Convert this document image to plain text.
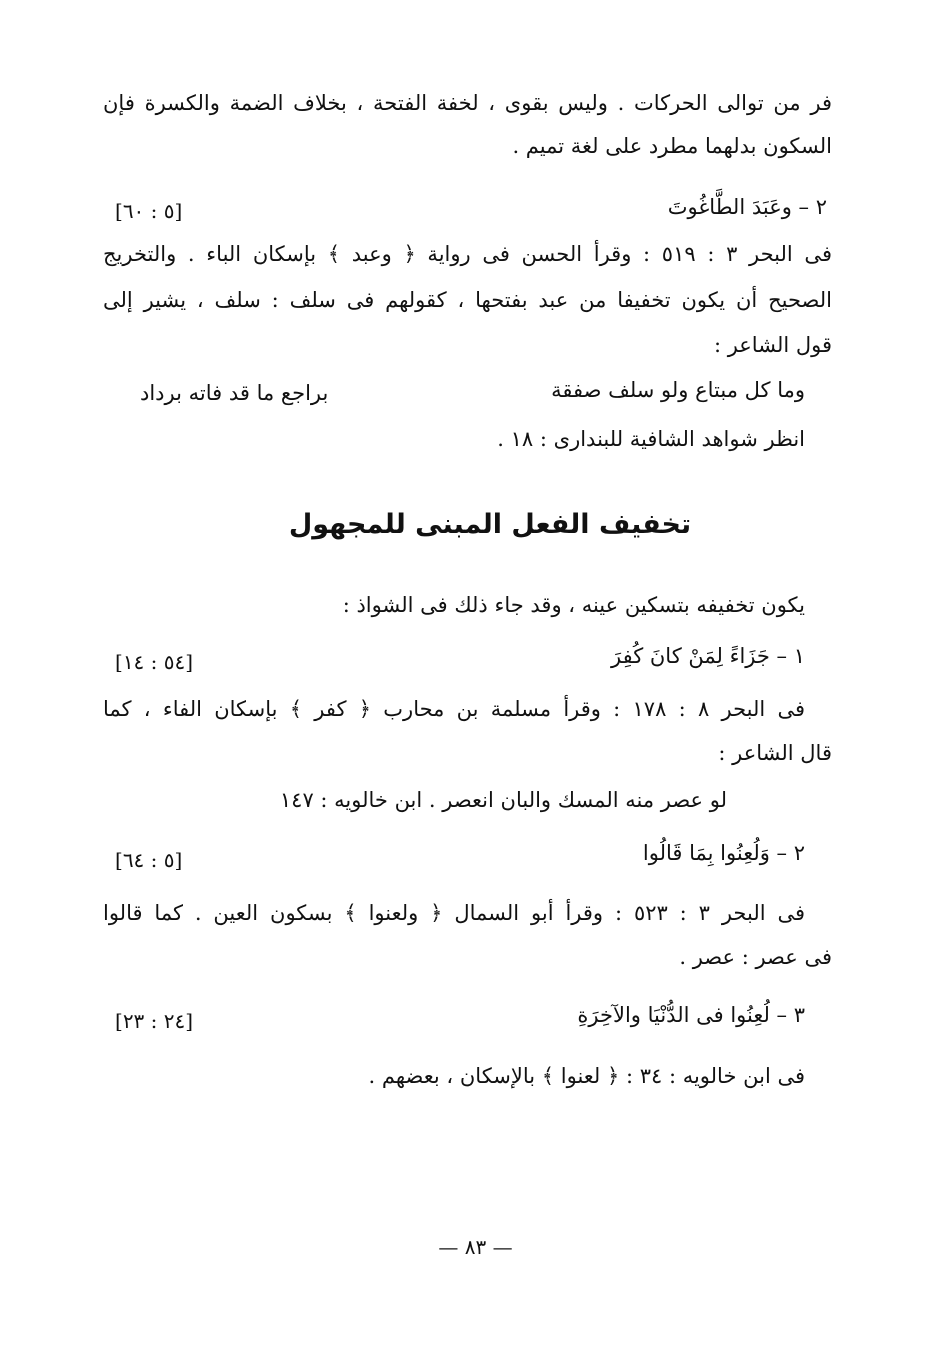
فر من توالى الحركات . وليس بقوى ، لخفة الفتحة ، بخلاف الضمة والكسرة فإن
السكون بدلهما مطرد على لغة تميم .
٢ – وعَبَدَ الطَّاغُوتَ
[٥ : ٦٠]
فى البحر ٣ : ٥١٩ : وقرأ الحسن فى رواية ﴿ وعبد ﴾ بإسكان الباء . والتخريج
الصحيح أن يكون تخفيفا من عبد بفتحها ، كقولهم فى سلف : سلف ، يشير إلى
قول الشاعر :
وما كل مبتاع ولو سلف صفقة
براجع ما قد فاته برداد
انظر شواهد الشافية للبندارى : ١٨ .
تخفيف الفعل المبنى للمجهول
يكون تخفيفه بتسكين عينه ، وقد جاء ذلك فى الشواذ :
١ – جَزَاءً لِمَنْ كانَ كُفِرَ
[٥٤ : ١٤]
فى البحر ٨ : ١٧٨ : وقرأ مسلمة بن محارب ﴿ كفر ﴾ بإسكان الفاء ، كما
قال الشاعر :
لو عصر منه المسك والبان انعصر . ابن خالويه : ١٤٧
٢ – وَلُعِنُوا بِمَا قَالُوا
[٥ : ٦٤]
فى البحر ٣ : ٥٢٣ : وقرأ أبو السمال ﴿ ولعنوا ﴾ بسكون العين . كما قالوا
فى عصر : عصر .
٣ – لُعِنُوا فى الدُّنْيَا والآخِرَةِ
[٢٤ : ٢٣]
فى ابن خالويه : ٣٤ : ﴿ لعنوا ﴾ بالإسكان ، بعضهم .
— ٨٣ —
